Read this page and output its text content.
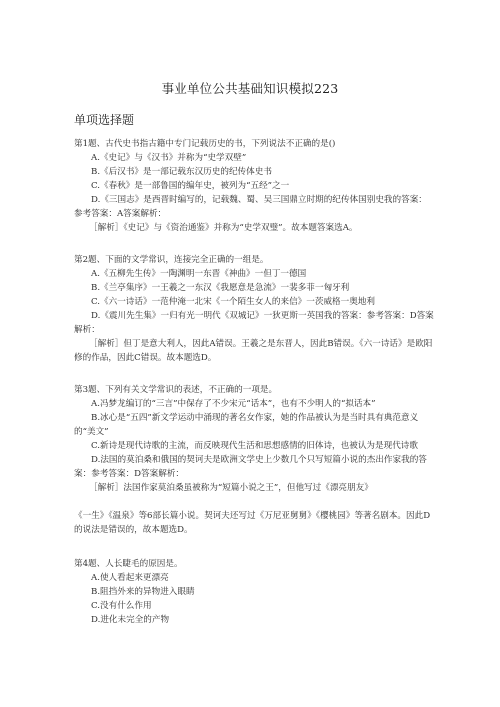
事业单位公共基础知识模拟223
单项选择题
第1题、古代史书指古籍中专门记载历史的书，下列说法不正确的是()
A.《史记》与《汉书》并称为“史学双壁”
B.《后汉书》是一部记载东汉历史的纪传体史书
C.《春秋》是一部鲁国的编年史，被列为“五经”之一
D.《三国志》是西晋时编写的，记载魏、蜀、吴三国鼎立时期的纪传体国别史我的答案：参考答案：A答案解析：
［解析］《史记》与《资治通鉴》并称为“史学双璧”。故本题答案选A。
第2题、下面的文学常识，连接完全正确的一组是。
A.《五柳先生传》一陶渊明一东晋《神曲》一但丁一德国
B.《兰亭集序》一王羲之一东汉《我愿意是急流》一裴多菲一匈牙利
C.《六一诗话》一范仲淹一北宋《一个陌生女人的来信》一茨威格一奥地利
D.《震川先生集》一归有光一明代《双城记》一狄更斯一英国我的答案：参考答案：D答案解析：
［解析］但丁是意大利人，因此A错误。王羲之是东晋人，因此B错误。《六一诗话》是欧阳修的作品，因此C错误。故本题选D。
第3题、下列有关文学常识的表述，不正确的一项是。
A.冯梦龙编订的“三言”中保存了不少宋元“话本”，也有不少明人的“拟话本”
B.冰心是“五四”新文学运动中涌现的著名女作家，她的作品被认为是当时具有典范意义的“美文”
C.新诗是现代诗歌的主流，而反映现代生活和思想感情的旧体诗，也被认为是现代诗歌
D.法国的莫泊桑和俄国的契诃夫是欧洲文学史上少数几个只写短篇小说的杰出作家我的答案：参考答案：D答案解析：
［解析］法国作家莫泊桑虽被称为“短篇小说之王”，但他写过《漂亮朋友》
《一生》《温泉》等6部长篇小说。契诃夫还写过《万尼亚舅舅》《樱桃园》等著名剧本。因此D的说法是错误的，故本题选D。
第4题、人长睫毛的原因是。
A.使人看起来更漂亮
B.阻挡外来的异物进入眼睛
C.没有什么作用
D.进化未完全的产物
